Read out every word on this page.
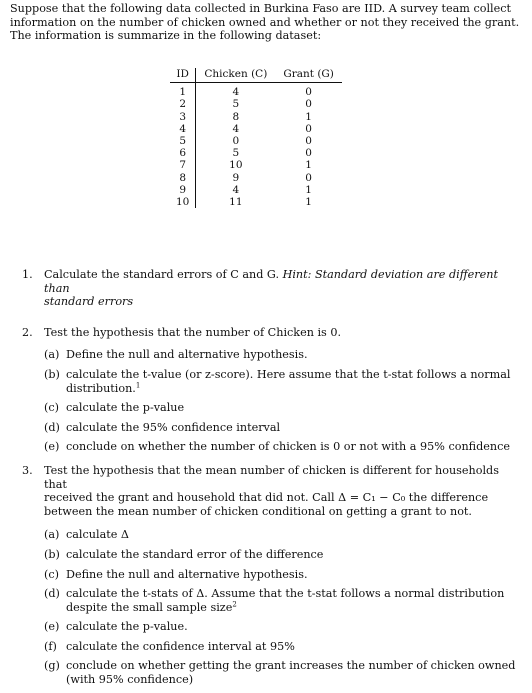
Suppose that the following data collected in Burkina Faso are IID. A survey team collect
information on the number of chicken owned and whether or not they received the grant.
The information is summarize in the following dataset:
ID	Chicken (C)	Grant (G)
1	4	0
2	5	0
3	8	1
4	4	0
5	0	0
6	5	0
7	10	1
8	9	0
9	4	1
10	11	1
1. Calculate the standard errors of C and G. Hint: Standard deviation are different than
standard errors
2. Test the hypothesis that the number of Chicken is 0.
(a) Define the null and alternative hypothesis.
(b) calculate the t-value (or z-score). Here assume that the t-stat follows a normal
distribution.$^1$
(c) calculate the p-value
(d) calculate the 95% confidence interval
(e) conclude on whether the number of chicken is 0 or not with a 95% confidence
3. Test the hypothesis that the mean number of chicken is different for households that
received the grant and household that did not. Call Δ = C₁ − C₀ the difference
between the mean number of chicken conditional on getting a grant to not.
(a) calculate Δ
(b) calculate the standard error of the difference
(c) Define the null and alternative hypothesis.
(d) calculate the t-stats of Δ. Assume that the t-stat follows a normal distribution
despite the small sample size$^2$
(e) calculate the p-value.
(f) calculate the confidence interval at 95%
(g) conclude on whether getting the grant increases the number of chicken owned
(with 95% confidence)
